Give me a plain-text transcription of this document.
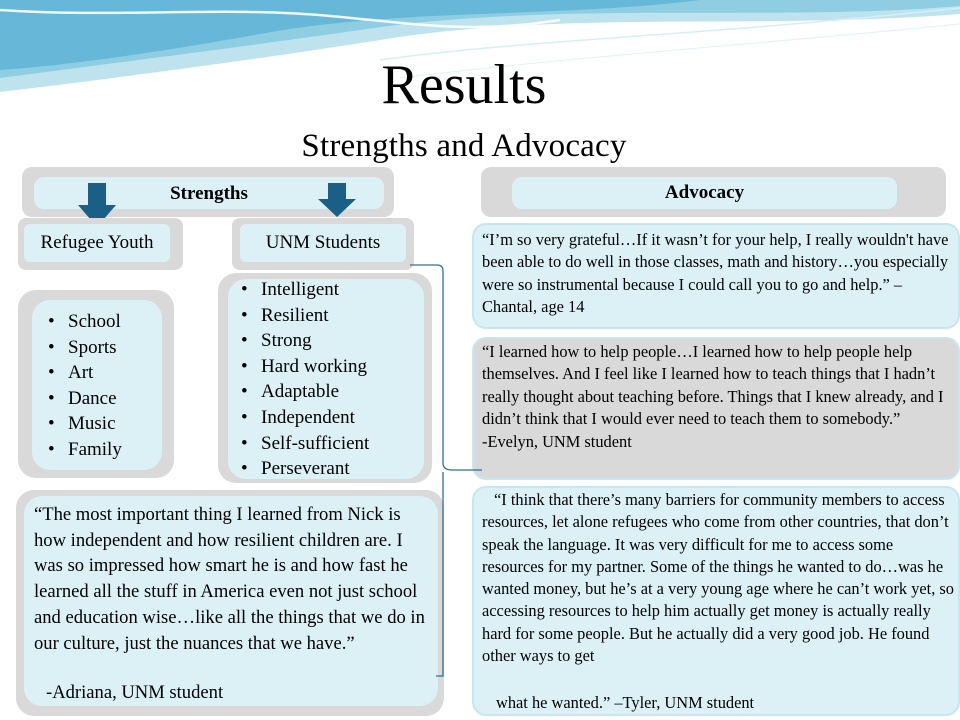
Results
Strengths and Advocacy
Strengths	Advocacy
Refugee Youth	UNM Students
• School
• Sports
• Art
• Dance
• Music
• Family
• Intelligent
• Resilient
• Strong
• Hard working
• Adaptable
• Independent
• Self-sufficient
• Perseverant
“The most important thing I learned from Nick is how independent and how resilient children are. I was so impressed how smart he is and how fast he learned all the stuff in America even not just school and education wise…like all the things that we do in our culture, just the nuances that we have.”
-Adriana, UNM student
“I’m so very grateful…If it wasn’t for your help, I really wouldn't have been able to do well in those classes, math and history…you especially were so instrumental because I could call you to go and help.” –Chantal, age 14
“I learned how to help people…I learned how to help people help themselves. And I feel like I learned how to teach things that I hadn’t really thought about teaching before. Things that I knew already, and I didn’t think that I would ever need to teach them to somebody.”
-Evelyn, UNM student
“I think that there’s many barriers for community members to access resources, let alone refugees who come from other countries, that don’t speak the language. It was very difficult for me to access some resources for my partner. Some of the things he wanted to do…was he wanted money, but he’s at a very young age where he can’t work yet, so accessing resources to help him actually get money is actually really hard for some people. But he actually did a very good job. He found other ways to get
what he wanted.” –Tyler, UNM student
